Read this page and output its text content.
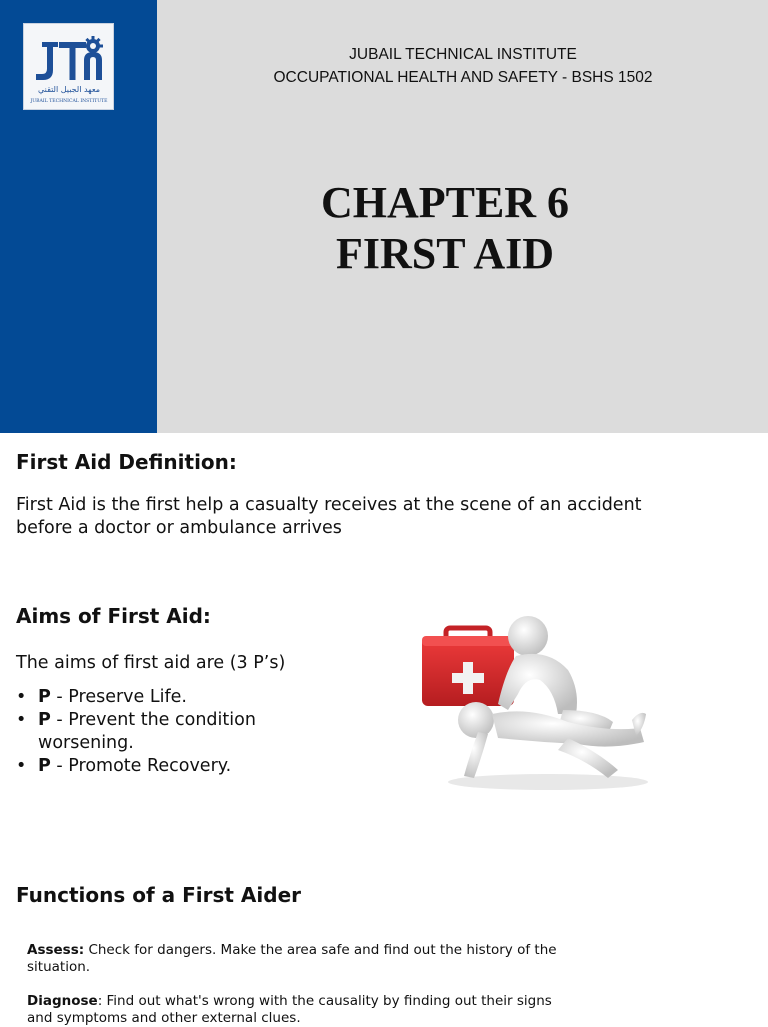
معهد الجبيل التقني
JUBAIL TECHNICAL INSTITUTE
JUBAIL TECHNICAL INSTITUTE
OCCUPATIONAL HEALTH AND SAFETY - BSHS 1502
CHAPTER 6
FIRST AID
First Aid Definition:
First Aid is the first help a casualty receives at the scene of an accident
before a doctor or ambulance arrives
Aims of First Aid:
The aims of first aid are (3 P’s)
• P - Preserve Life.
• P - Prevent the condition
worsening.
• P - Promote Recovery.
Functions of a First Aider
Assess: Check for dangers. Make the area safe and find out the history of the
situation.
Diagnose: Find out what's wrong with the causality by finding out their signs
and symptoms and other external clues.
